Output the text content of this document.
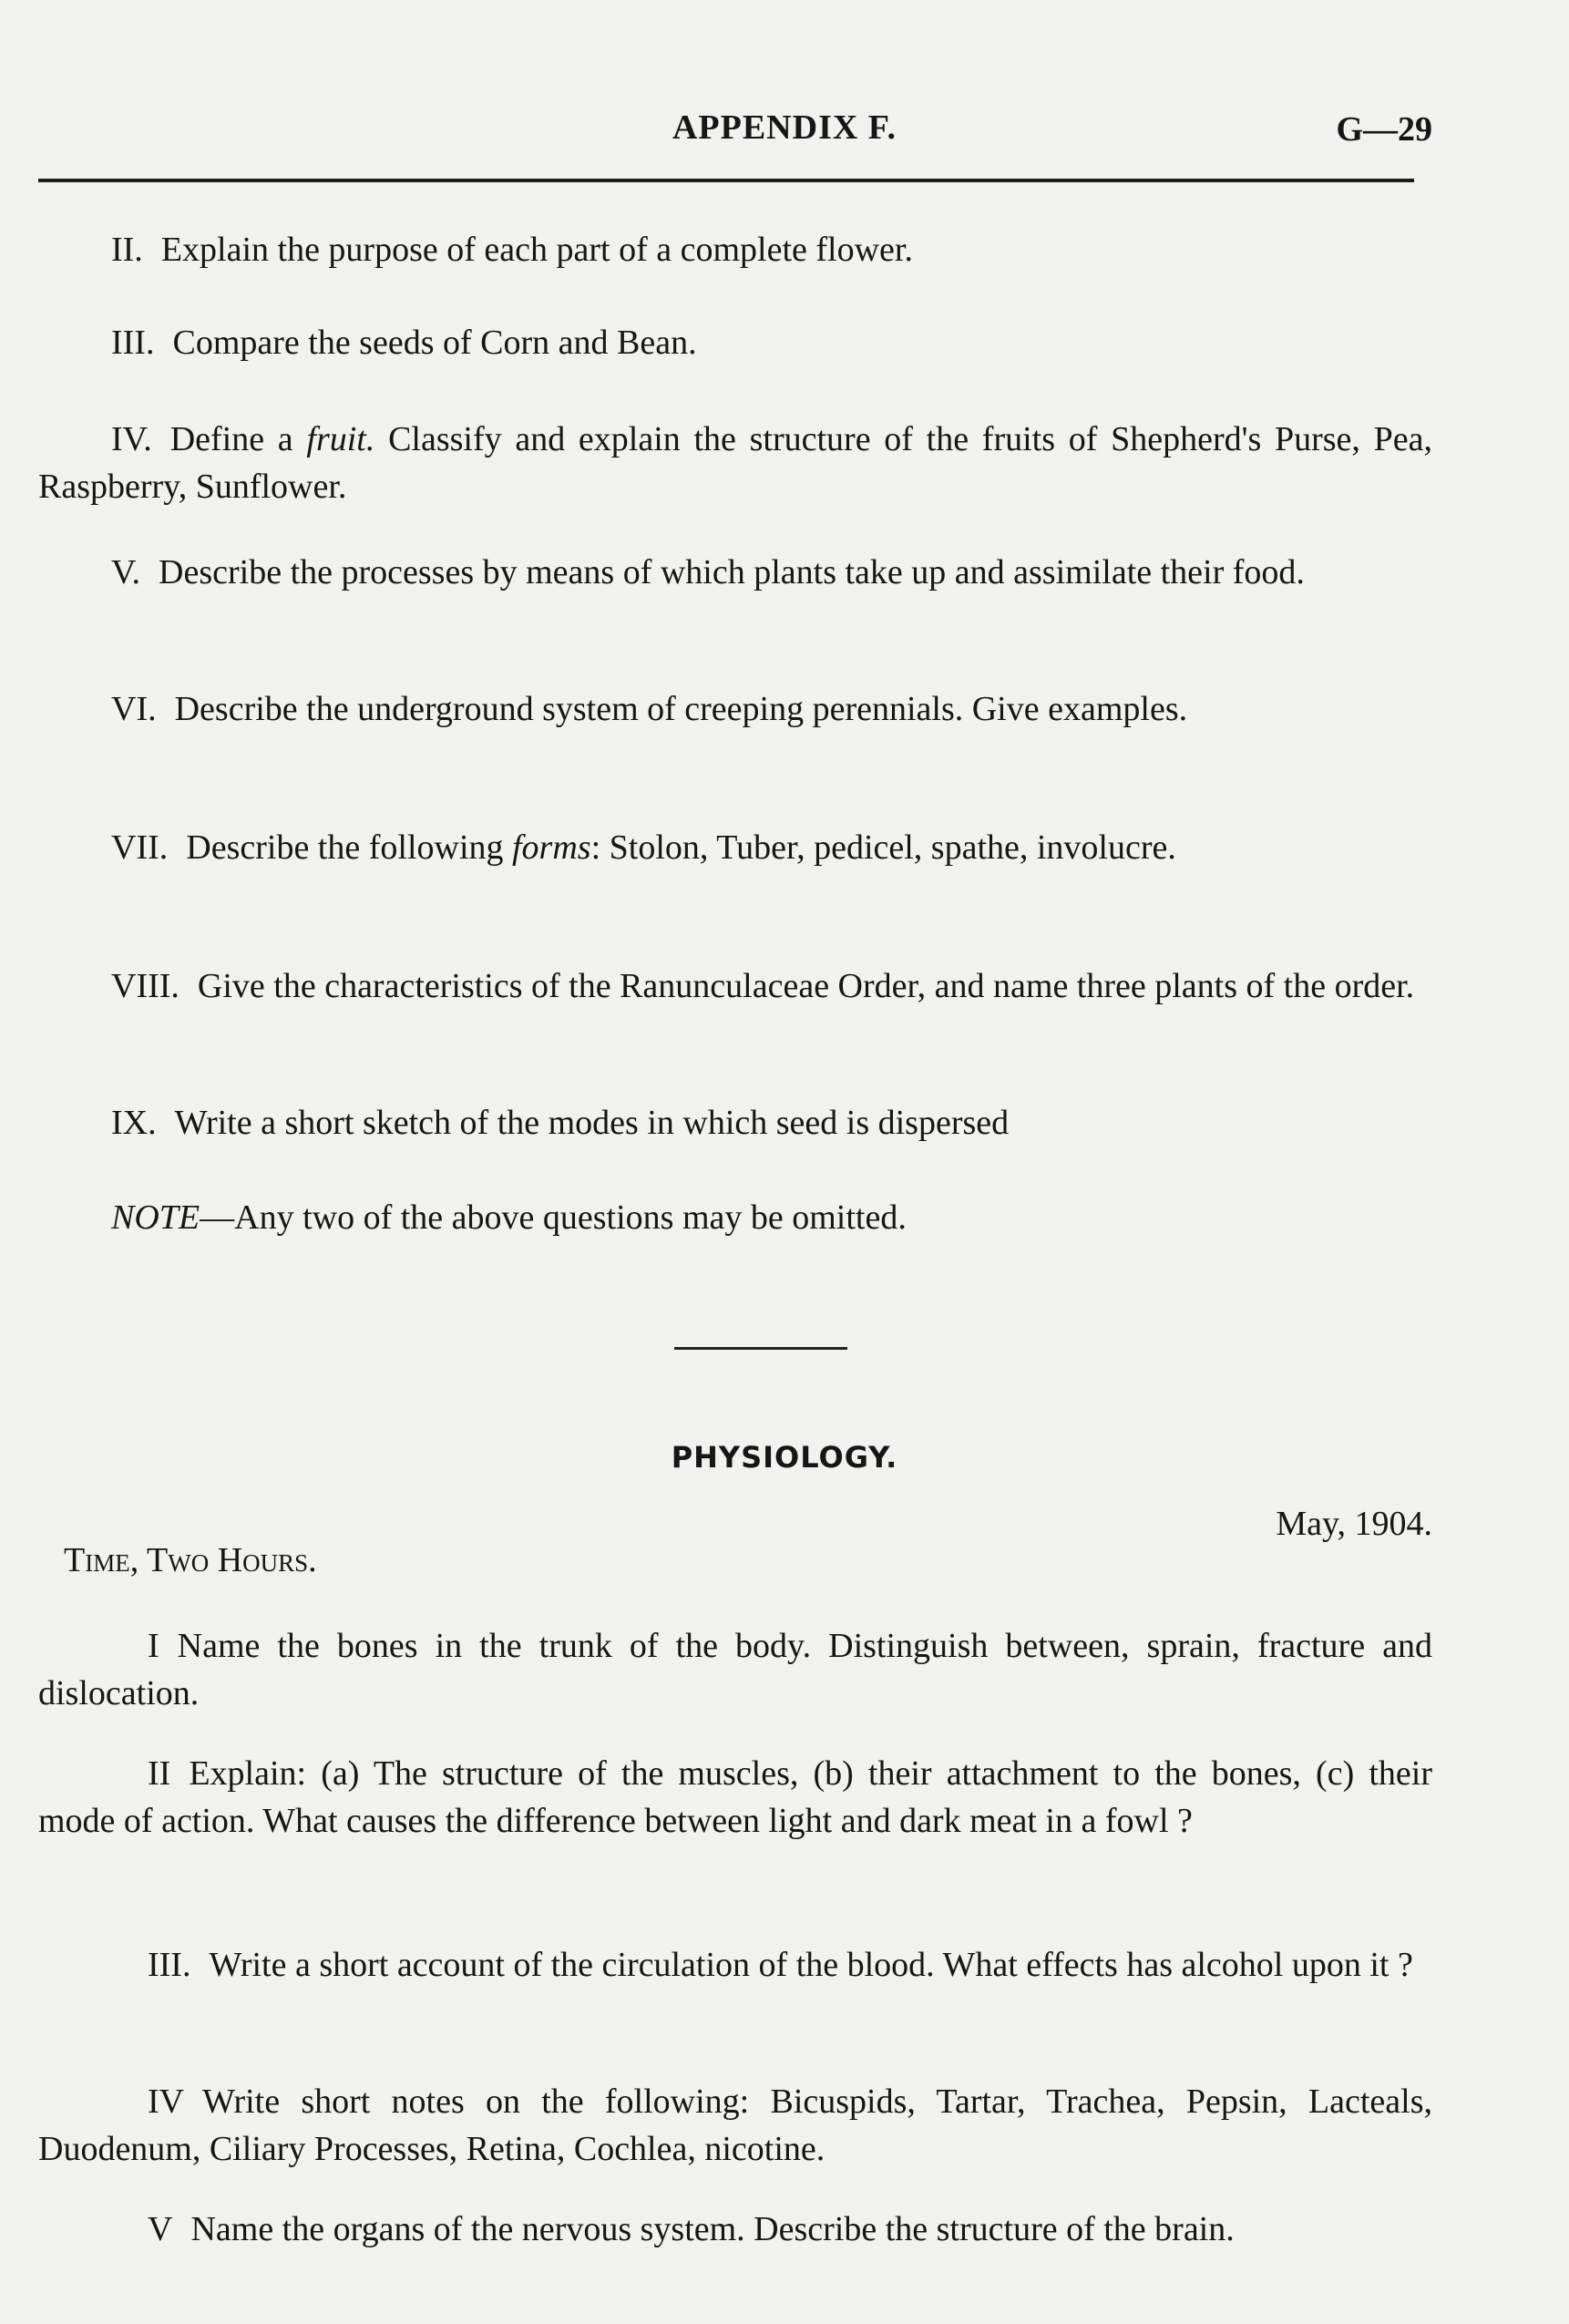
APPENDIX F.	G—29
II. Explain the purpose of each part of a complete flower.
III. Compare the seeds of Corn and Bean.
IV. Define a fruit. Classify and explain the structure of the fruits of Shepherd's Purse, Pea, Raspberry, Sunflower.
V. Describe the processes by means of which plants take up and assimilate their food.
VI. Describe the underground system of creeping perennials. Give examples.
VII. Describe the following forms: Stolon, Tuber, pedicel, spathe, involucre.
VIII. Give the characteristics of the Ranunculaceae Order, and name three plants of the order.
IX. Write a short sketch of the modes in which seed is dispersed
NOTE—Any two of the above questions may be omitted.
PHYSIOLOGY.
May, 1904.
Time, Two Hours.
I Name the bones in the trunk of the body. Distinguish between, sprain, fracture and dislocation.
II Explain: (a) The structure of the muscles, (b) their attachment to the bones, (c) their mode of action. What causes the difference between light and dark meat in a fowl ?
III. Write a short account of the circulation of the blood. What effects has alcohol upon it ?
IV Write short notes on the following: Bicuspids, Tartar, Trachea, Pepsin, Lacteals, Duodenum, Ciliary Processes, Retina, Cochlea, nicotine.
V Name the organs of the nervous system. Describe the structure of the brain.
